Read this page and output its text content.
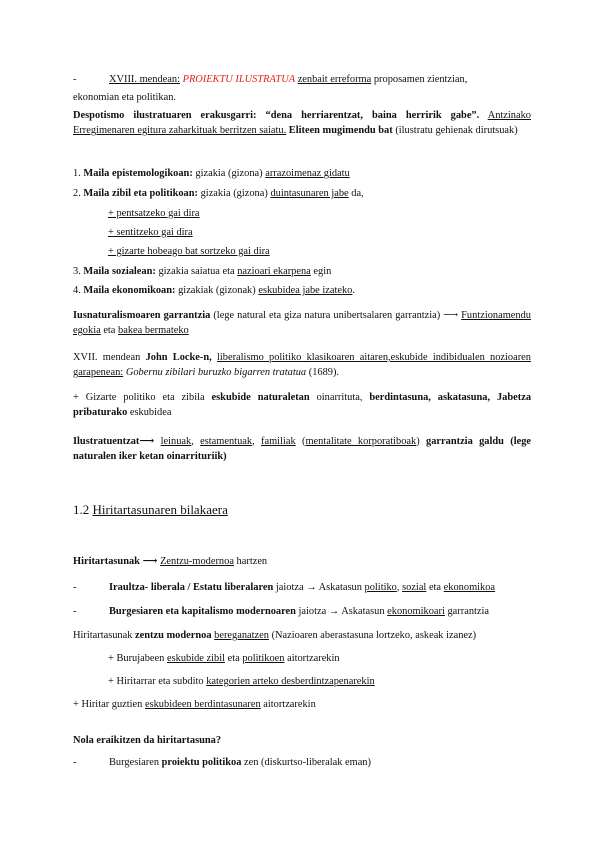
-	XVIII. mendean: PROIEKTU ILUSTRATUA zenbait erreforma proposamen zientzian,

ekonomian eta politikan.

Despotismo ilustratuaren erakusgarri: “dena herriarentzat, baina herririk gabe”. Antzinako Erregimenaren egitura zaharkituak berritzen saiatu. Eliteen mugimendu bat (ilustratu gehienak dirutsuak)

1. Maila epistemologikoan: gizakia (gizona) arrazoimenaz gidatu

2. Maila zibil eta politikoan: gizakia (gizona) duintasunaren jabe da,

+ pentsatzeko gai dira
+ sentitzeko gai dira
+ gizarte hobeago bat sortzeko gai dira

3. Maila sozialean: gizakia saiatua eta nazioari ekarpena egin

4. Maila ekonomikoan: gizakiak (gizonak) eskubidea jabe izateko.

Iusnaturalismoaren garrantzia (lege natural eta giza natura unibertsalaren garrantzia) ⟶ Funtzionamendu egokia eta bakea bermateko

XVII. mendean John Locke-n, liberalismo politiko klasikoaren aitaren,eskubide indibidualen nozioaren garapenean: Gobernu zibilari buruzko bigarren tratatua (1689).

+ Gizarte politiko eta zibila eskubide naturaletan oinarrituta, berdintasuna, askatasuna, Jabetza pribaturako eskubidea

Ilustratuentzat⟶ leinuak, estamentuak, familiak (mentalitate korporatiboak) garrantzia galdu (lege naturalen iker ketan oinarrituriik)

1.2 Hiritartasunaren bilakaera

Hiritartasunak ⟶ Zentzu-modernoa hartzen

-	Iraultza- liberala / Estatu liberalaren jaiotza → Askatasun politiko, sozial eta ekonomikoa
-	Burgesiaren eta kapitalismo modernoaren jaiotza → Askatasun ekonomikoari garrantzia

Hiritartasunak zentzu modernoa bereganatzen (Nazioaren aberastasuna lortzeko, askeak izanez)

+ Burujabeen eskubide zibil eta politikoen aitortzarekin
+ Hiritarrar eta subdito kategorien arteko desberdintzapenarekin

+ Hiritar guztien eskubideen berdintasunaren aitortzarekin

Nola eraikitzen da hiritartasuna?

-	Burgesiaren proiektu politikoa zen (diskurtso-liberalak eman)
